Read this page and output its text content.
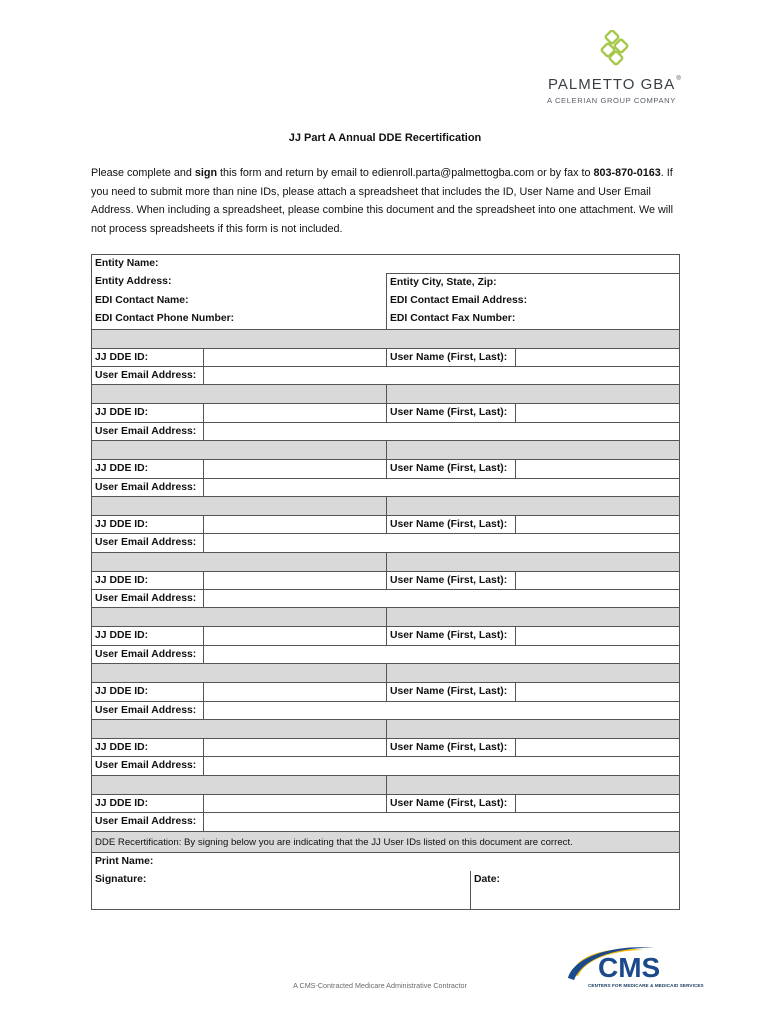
PALMETTO GBA®
A CELERIAN GROUP COMPANY
JJ Part A Annual DDE Recertification
Please complete and sign this form and return by email to edienroll.parta@palmettogba.com or by fax to 803-870-0163. If you need to submit more than nine IDs, please attach a spreadsheet that includes the ID, User Name and User Email Address. When including a spreadsheet, please combine this document and the spreadsheet into one attachment. We will not process spreadsheets if this form is not included.
Entity Name:
Entity Address:	Entity City, State, Zip:
EDI Contact Name:	EDI Contact Email Address:
EDI Contact Phone Number:	EDI Contact Fax Number:
JJ DDE ID:	User Name (First, Last):
User Email Address:
JJ DDE ID:	User Name (First, Last):
User Email Address:
JJ DDE ID:	User Name (First, Last):
User Email Address:
JJ DDE ID:	User Name (First, Last):
User Email Address:
JJ DDE ID:	User Name (First, Last):
User Email Address:
JJ DDE ID:	User Name (First, Last):
User Email Address:
JJ DDE ID:	User Name (First, Last):
User Email Address:
JJ DDE ID:	User Name (First, Last):
User Email Address:
JJ DDE ID:	User Name (First, Last):
User Email Address:
DDE Recertification: By signing below you are indicating that the JJ User IDs listed on this document are correct.
Print Name:
Signature:	Date:
A CMS-Contracted Medicare Administrative Contractor
CMS
CENTERS FOR MEDICARE & MEDICAID SERVICES
